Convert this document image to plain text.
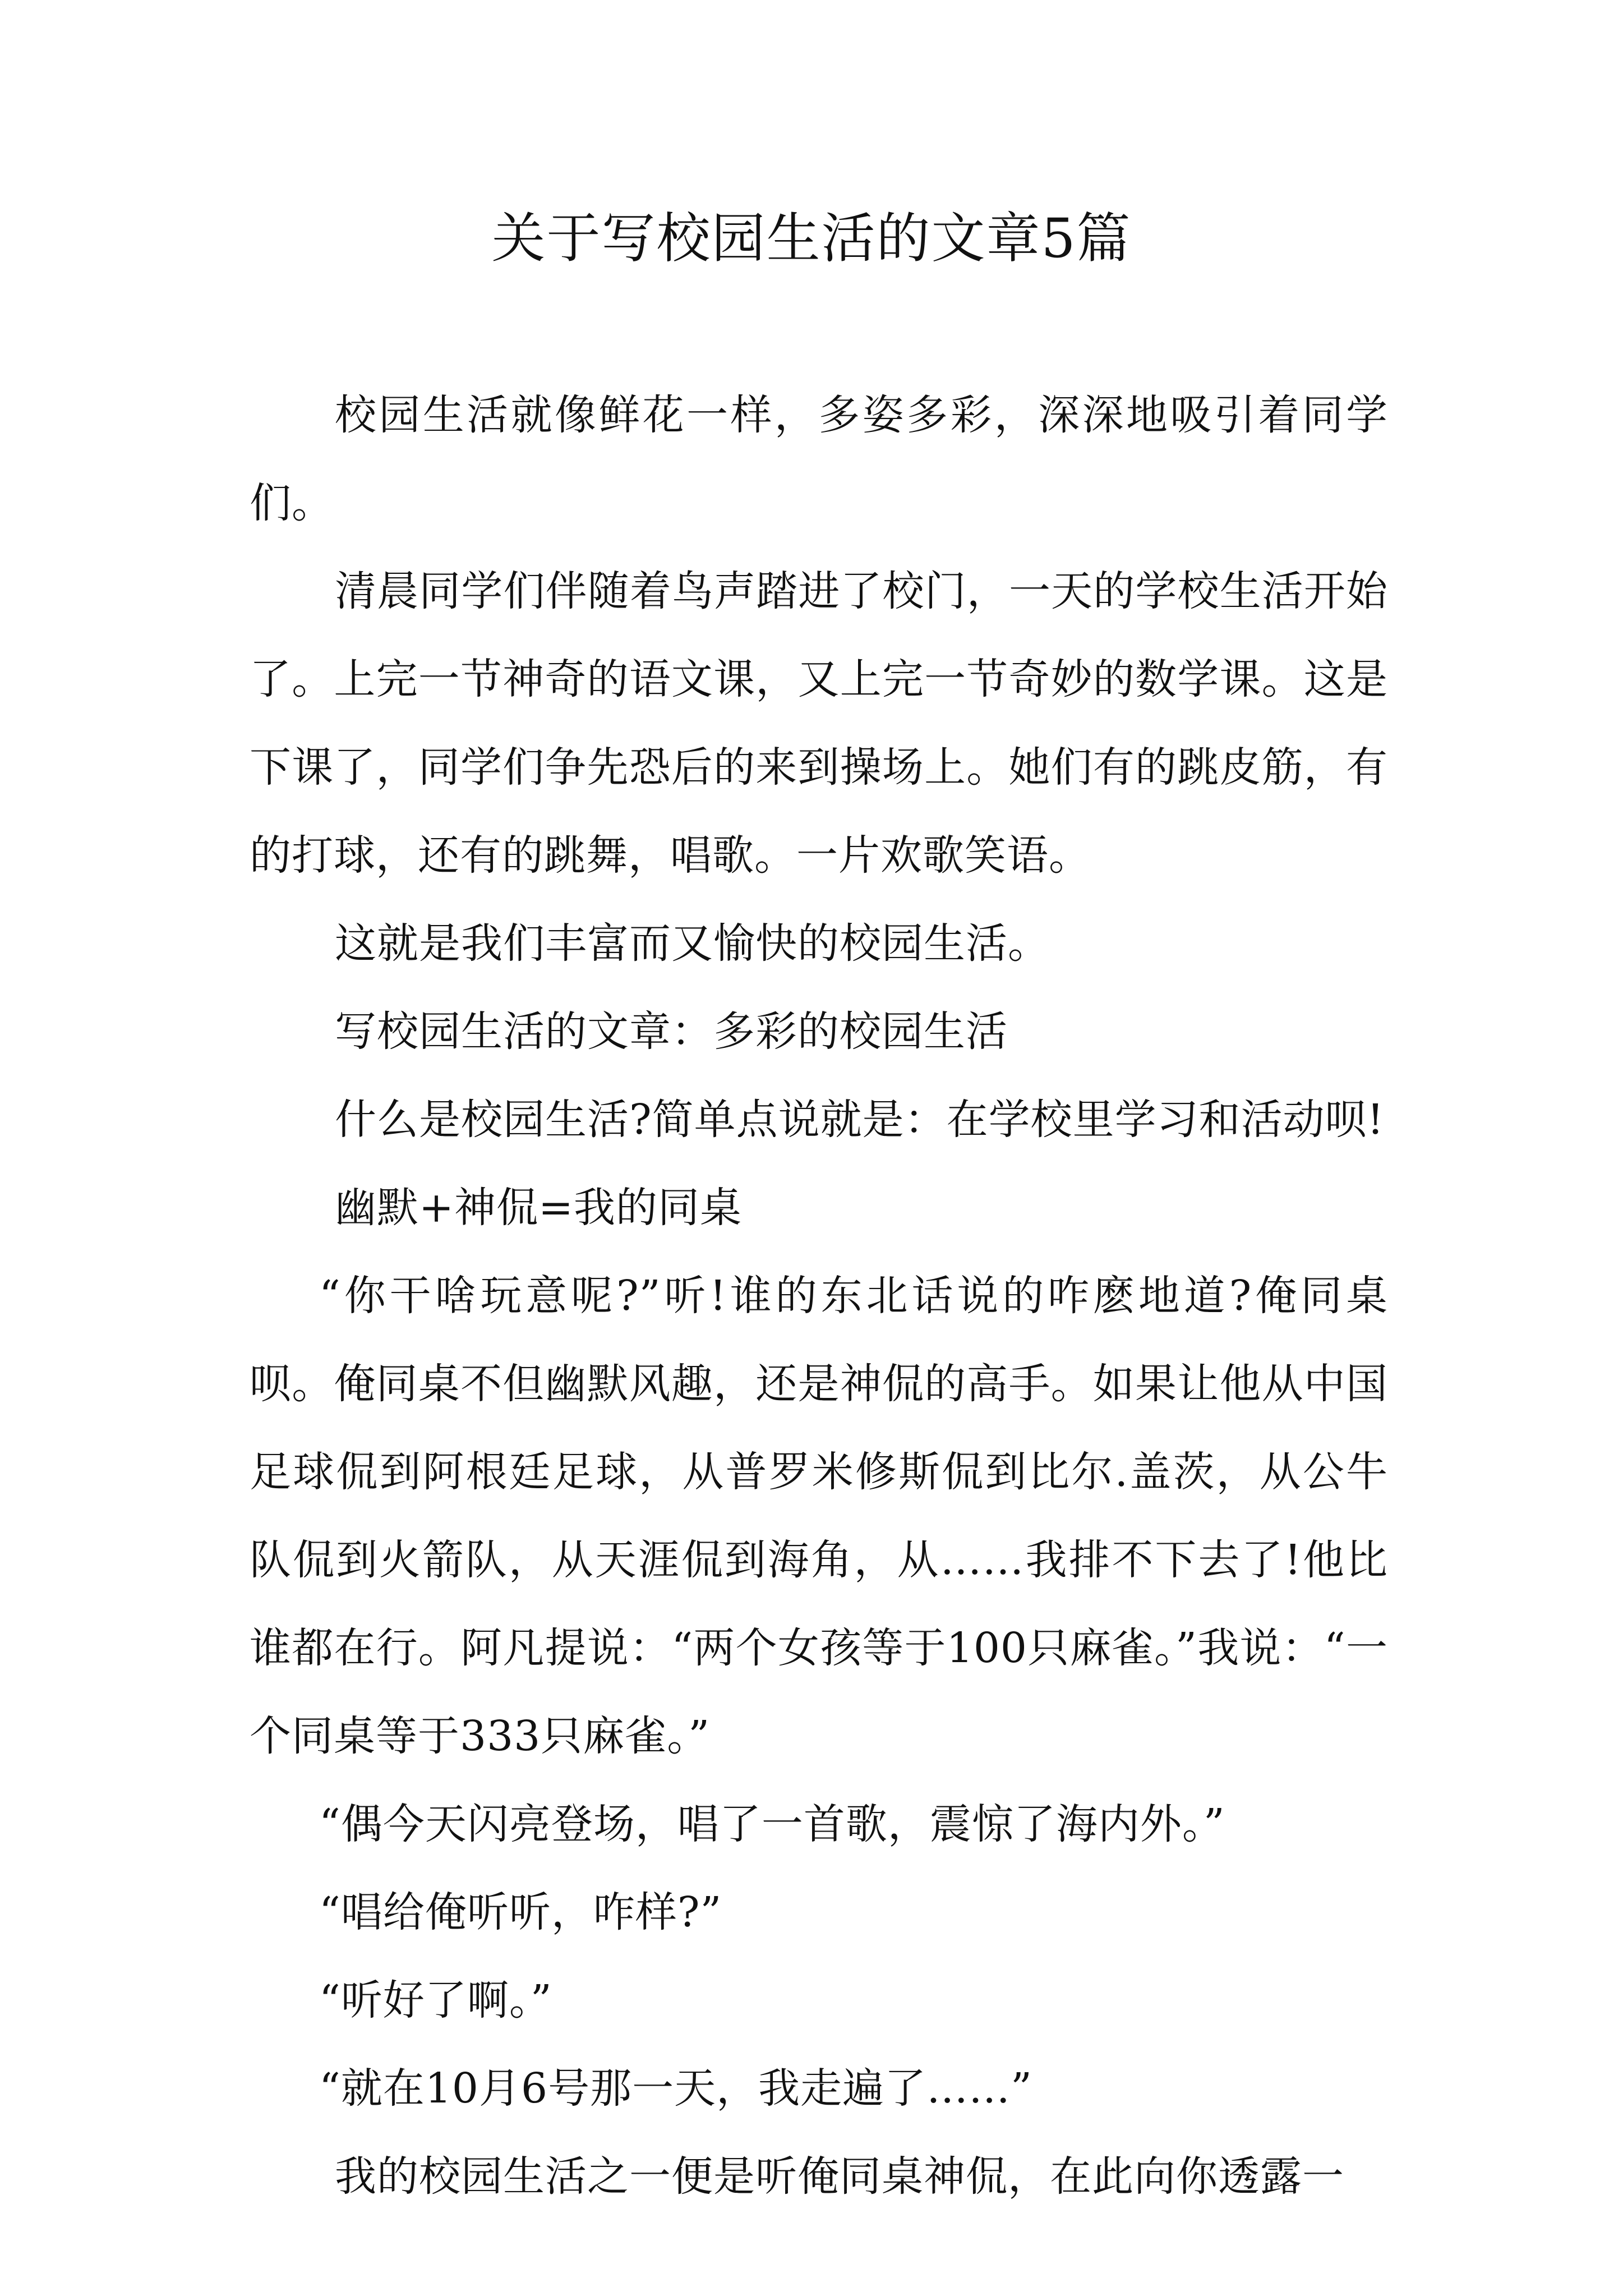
关于写校园生活的文章5篇

校园生活就像鲜花一样，多姿多彩，深深地吸引着同学们。

清晨同学们伴随着鸟声踏进了校门，一天的学校生活开始了。上完一节神奇的语文课，又上完一节奇妙的数学课。这是下课了，同学们争先恐后的来到操场上。她们有的跳皮筋，有的打球，还有的跳舞，唱歌。一片欢歌笑语。

这就是我们丰富而又愉快的校园生活。

写校园生活的文章：多彩的校园生活

什么是校园生活?简单点说就是：在学校里学习和活动呗!

幽默+神侃=我的同桌

“你干啥玩意呢?”听!谁的东北话说的咋麽地道?俺同桌呗。俺同桌不但幽默风趣，还是神侃的高手。如果让他从中国足球侃到阿根廷足球，从普罗米修斯侃到比尔.盖茨，从公牛队侃到火箭队，从天涯侃到海角，从……我排不下去了!他比谁都在行。阿凡提说：“两个女孩等于100只麻雀。”我说：“一个同桌等于333只麻雀。”

“偶今天闪亮登场，唱了一首歌，震惊了海内外。”

“唱给俺听听，咋样?”

“听好了啊。”

“就在10月6号那一天，我走遍了……”

我的校园生活之一便是听俺同桌神侃，在此向你透露一
